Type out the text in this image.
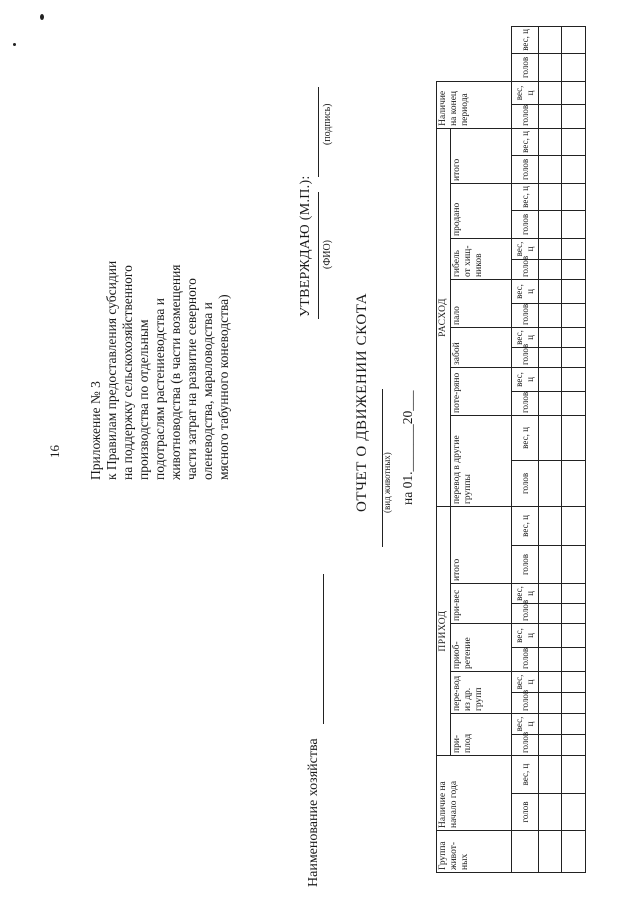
16 Приложение № 3 к Правилам предоставления субсидии на поддержку сельскохозяйственного производства по отдельным подотраслям растениеводства и животноводства (в части возмещения части затрат на развитие северного оленеводства, мараловодства и мясного табунного коневодства)
УТВЕРЖДАЮ (М.П.): (ФИО)
(подпись)
Наименование хозяйства
ОТЧЕТ О ДВИЖЕНИИ СКОТА (вид животных) на 01._______20___
Группа живот-ных	Наличие на начало года		ПРИХОД										РАСХОД														Наличие на конец периода			
			при-плод		пере-вод из др. групп		приоб-ретение		при-вес		итого		перевод в другие группы		поте-ряно		забой		пало		гибель от хищ-ников		продано		итого					
	голов	вес, ц	голов	вес, ц	голов	вес, ц	голов	вес, ц	голов	вес, ц	голов	вес, ц	голов	вес, ц	голов	вес, ц	голов	вес, ц	голов	вес, ц	голов	вес, ц	голов	вес, ц	голов	вес, ц	голов	вес, ц	голов	вес, ц
